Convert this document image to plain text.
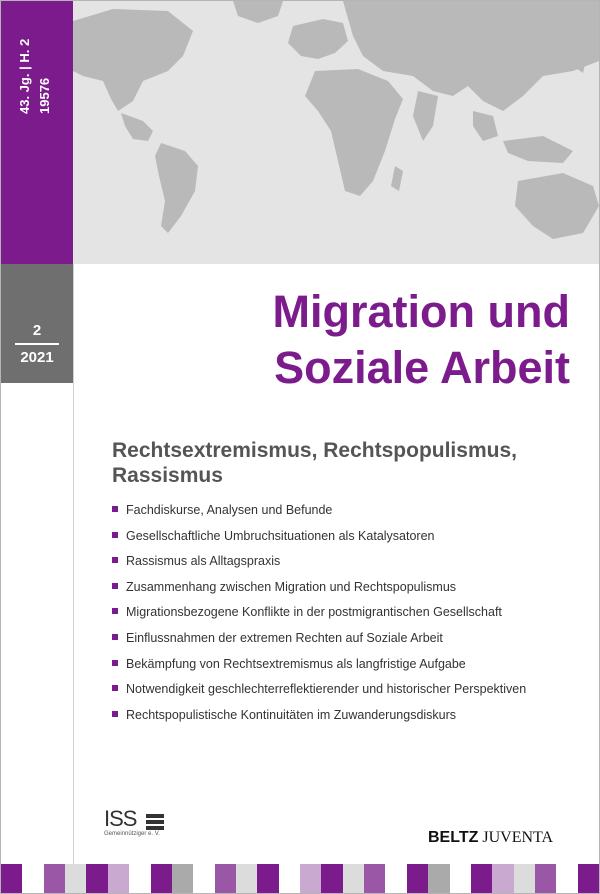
43. Jg. | H. 2 19576
2
2021
Migration und
Soziale Arbeit
Rechtsextremismus, Rechtspopulismus,
Rassismus
Fachdiskurse, Analysen und Befunde
Gesellschaftliche Umbruchsituationen als Katalysatoren
Rassismus als Alltagspraxis
Zusammenhang zwischen Migration und Rechtspopulismus
Migrationsbezogene Konflikte in der postmigrantischen Gesellschaft
Einflussnahmen der extremen Rechten auf Soziale Arbeit
Bekämpfung von Rechtsextremismus als langfristige Aufgabe
Notwendigkeit geschlechterreflektierender und historischer Perspektiven
Rechtspopulistische Kontinuitäten im Zuwanderungsdiskurs
ISS
Gemeinnütziger e. V.	BELTZ JUVENTA
